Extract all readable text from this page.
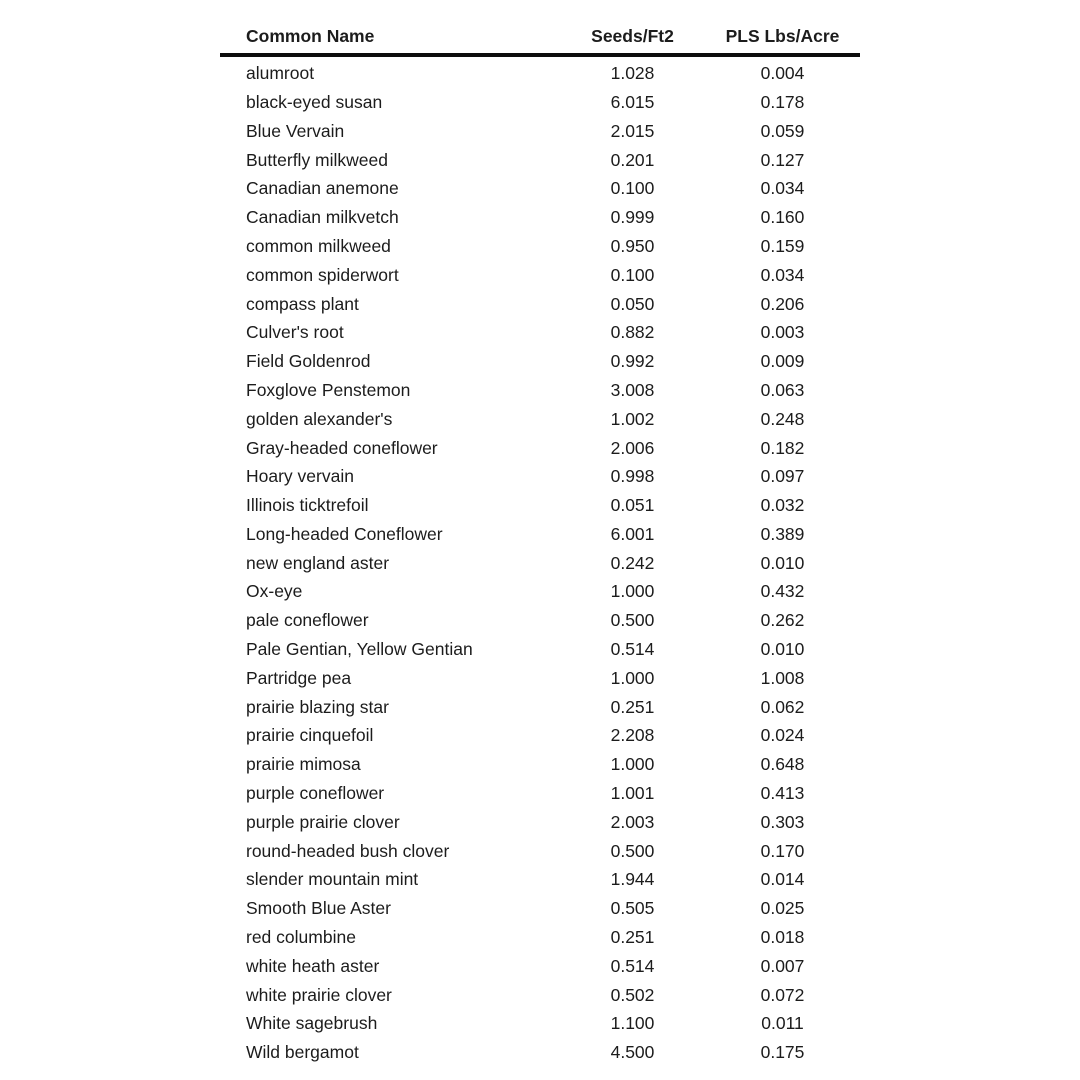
Common Name	Seeds/Ft2	PLS Lbs/Acre
alumroot	1.028	0.004
black-eyed susan	6.015	0.178
Blue Vervain	2.015	0.059
Butterfly milkweed	0.201	0.127
Canadian anemone	0.100	0.034
Canadian milkvetch	0.999	0.160
common milkweed	0.950	0.159
common spiderwort	0.100	0.034
compass plant	0.050	0.206
Culver's root	0.882	0.003
Field Goldenrod	0.992	0.009
Foxglove Penstemon	3.008	0.063
golden alexander's	1.002	0.248
Gray-headed coneflower	2.006	0.182
Hoary vervain	0.998	0.097
Illinois ticktrefoil	0.051	0.032
Long-headed Coneflower	6.001	0.389
new england aster	0.242	0.010
Ox-eye	1.000	0.432
pale coneflower	0.500	0.262
Pale Gentian, Yellow Gentian	0.514	0.010
Partridge pea	1.000	1.008
prairie blazing star	0.251	0.062
prairie cinquefoil	2.208	0.024
prairie mimosa	1.000	0.648
purple coneflower	1.001	0.413
purple prairie clover	2.003	0.303
round-headed bush clover	0.500	0.170
slender mountain mint	1.944	0.014
Smooth Blue Aster	0.505	0.025
red columbine	0.251	0.018
white heath aster	0.514	0.007
white prairie clover	0.502	0.072
White sagebrush	1.100	0.011
Wild bergamot	4.500	0.175
